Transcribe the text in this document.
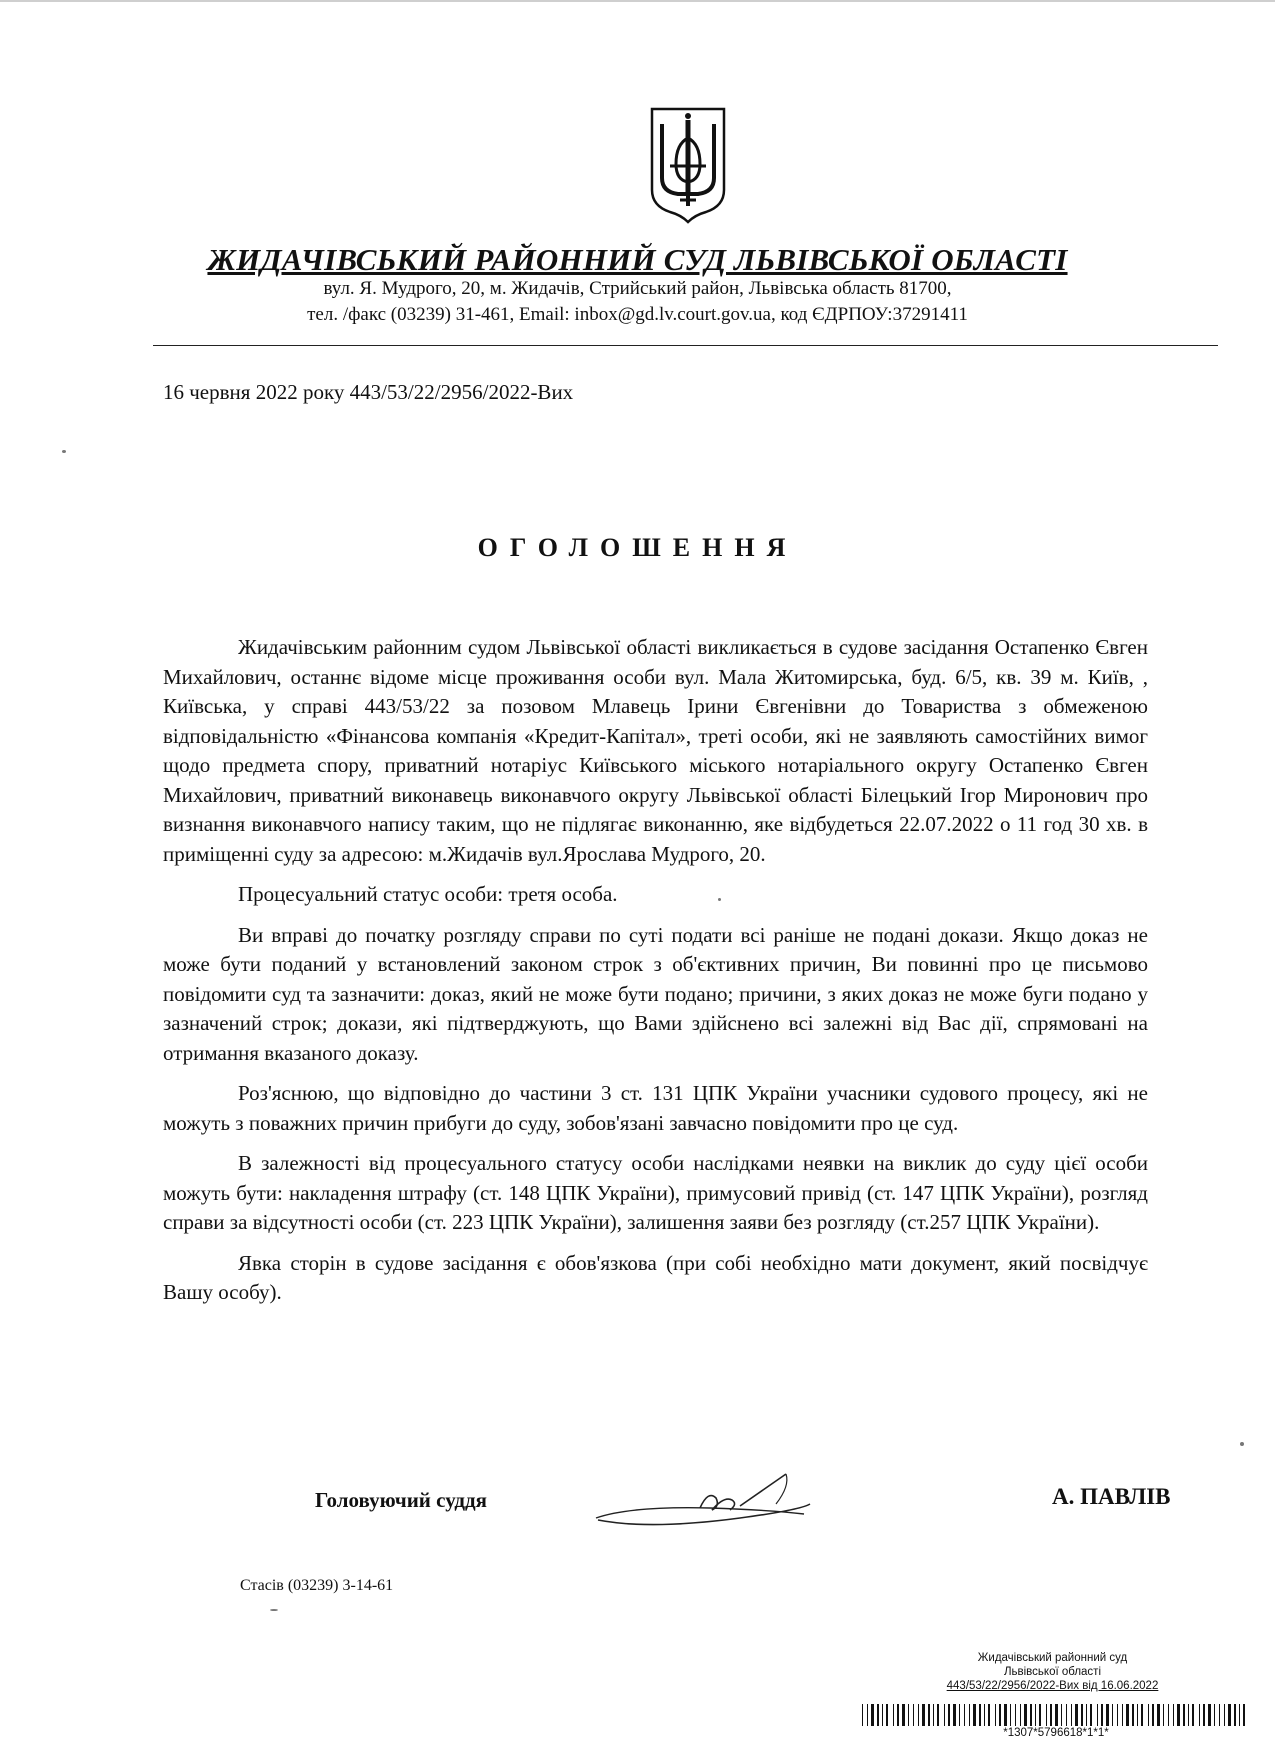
ЖИДАЧІВСЬКИЙ РАЙОННИЙ СУД ЛЬВІВСЬКОЇ ОБЛАСТІ
вул. Я. Мудрого, 20, м. Жидачів, Стрийський район, Львівська область 81700,
тел. /факс (03239) 31-461, Email: inbox@gd.lv.court.gov.ua, код ЄДРПОУ:37291411
16 червня 2022 року 443/53/22/2956/2022-Вих
ОГОЛОШЕННЯ

Жидачівським районним судом Львівської області викликається в судове засідання Остапенко Євген Михайлович, останнє відоме місце проживання особи вул. Мала Житомирська, буд. 6/5, кв. 39 м. Київ, , Київська, у справі 443/53/22 за позовом Млавець Ірини Євгенівни до Товариства з обмеженою відповідальністю «Фінансова компанія «Кредит-Капітал», треті особи, які не заявляють самостійних вимог щодо предмета спору, приватний нотаріус Київського міського нотаріального округу Остапенко Євген Михайлович, приватний виконавець виконавчого округу Львівської області Білецький Ігор Миронович про визнання виконавчого напису таким, що не підлягає виконанню, яке відбудеться 22.07.2022 о 11 год 30 хв. в приміщенні суду за адресою: м.Жидачів вул.Ярослава Мудрого, 20.

Процесуальний статус особи: третя особа.

Ви вправі до початку розгляду справи по суті подати всі раніше не подані докази. Якщо доказ не може бути поданий у встановлений законом строк з об'єктивних причин, Ви повинні про це письмово повідомити суд та зазначити: доказ, який не може бути подано; причини, з яких доказ не може буги подано у зазначений строк; докази, які підтверджують, що Вами здійснено всі залежні від Вас дії, спрямовані на отримання вказаного доказу.

Роз'яснюю, що відповідно до частини 3 ст. 131 ЦПК України учасники судового процесу, які не можуть з поважних причин прибуги до суду, зобов'язані завчасно повідомити про це суд.

В залежності від процесуального статусу особи наслідками неявки на виклик до суду цієї особи можуть бути: накладення штрафу (ст. 148 ЦПК України), примусовий привід (ст. 147 ЦПК України), розгляд справи за відсутності особи (ст. 223 ЦПК України), залишення заяви без розгляду (ст.257 ЦПК України).

Явка сторін в судове засідання є обов'язкова (при собі необхідно мати документ, який посвідчує Вашу особу).

Головуючий суддя	А. ПАВЛІВ
Стасів (03239) 3-14-61
Жидачівський районний суд
Львівської області
443/53/22/2956/2022-Вих від 16.06.2022
*1307*5796618*1*1*
